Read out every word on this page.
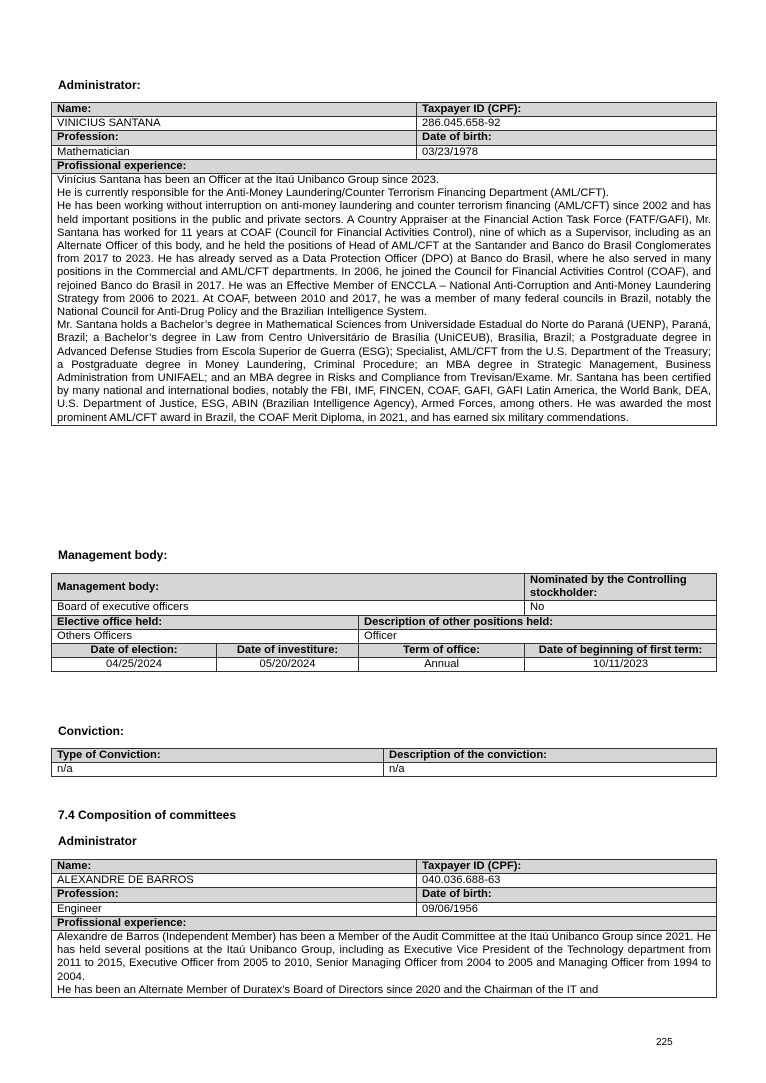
Administrator:
Name:	Taxpayer ID (CPF):
VINICIUS SANTANA	286.045.658-92
Profession:	Date of birth:
Mathematician	03/23/1978
Profissional experience:	

Vinícius Santana has been an Officer at the Itaú Unibanco Group since 2023.

He is currently responsible for the Anti-Money Laundering/Counter Terrorism Financing Department (AML/CFT).

He has been working without interruption on anti-money laundering and counter terrorism financing (AML/CFT) since 2002 and has held important positions in the public and private sectors. A Country Appraiser at the Financial Action Task Force (FATF/GAFI), Mr. Santana has worked for 11 years at COAF (Council for Financial Activities Control), nine of which as a Supervisor, including as an Alternate Officer of this body, and he held the positions of Head of AML/CFT at the Santander and Banco do Brasil Conglomerates from 2017 to 2023. He has already served as a Data Protection Officer (DPO) at Banco do Brasil, where he also served in many positions in the Commercial and AML/CFT departments. In 2006, he joined the Council for Financial Activities Control (COAF), and rejoined Banco do Brasil in 2017. He was an Effective Member of ENCCLA – National Anti-Corruption and Anti-Money Laundering Strategy from 2006 to 2021. At COAF, between 2010 and 2017, he was a member of many federal councils in Brazil, notably the National Council for Anti-Drug Policy and the Brazilian Intelligence System.

Mr. Santana holds a Bachelor’s degree in Mathematical Sciences from Universidade Estadual do Norte do Paraná (UENP), Paraná, Brazil; a Bachelor’s degree in Law from Centro Universitário de Brasília (UniCEUB), Brasília, Brazil; a Postgraduate degree in Advanced Defense Studies from Escola Superior de Guerra (ESG); Specialist, AML/CFT from the U.S. Department of the Treasury; a Postgraduate degree in Money Laundering, Criminal Procedure; an MBA degree in Strategic Management, Business Administration from UNIFAEL; and an MBA degree in Risks and Compliance from Trevisan/Exame. Mr. Santana has been certified by many national and international bodies, notably the FBI, IMF, FINCEN, COAF, GAFI, GAFI Latin America, the World Bank, DEA, U.S. Department of Justice, ESG, ABIN (Brazilian Intelligence Agency), Armed Forces, among others. He was awarded the most prominent AML/CFT award in Brazil, the COAF Merit Diploma, in 2021, and has earned six military commendations.	

Management body:
Management body:			Nominated by the Controlling stockholder:
Board of executive officers			No
Elective office held:		Description of other positions held:	
Others Officers		Officer	
Date of election:	Date of investiture:	Term of office:	Date of beginning of first term:
04/25/2024	05/20/2024	Annual	10/11/2023
Conviction:
Type of Conviction:	Description of the conviction:
n/a	n/a
7.4 Composition of committees
Administrator
Name:	Taxpayer ID (CPF):
ALEXANDRE DE BARROS	040.036.688-63
Profession:	Date of birth:
Engineer	09/06/1956
Profissional experience:	

Alexandre de Barros (Independent Member) has been a Member of the Audit Committee at the Itaú Unibanco Group since 2021. He has held several positions at the Itaú Unibanco Group, including as Executive Vice President of the Technology department from 2011 to 2015, Executive Officer from 2005 to 2010, Senior Managing Officer from 2004 to 2005 and Managing Officer from 1994 to 2004.

He has been an Alternate Member of Duratex’s Board of Directors since 2020 and the Chairman of the IT and	

225
